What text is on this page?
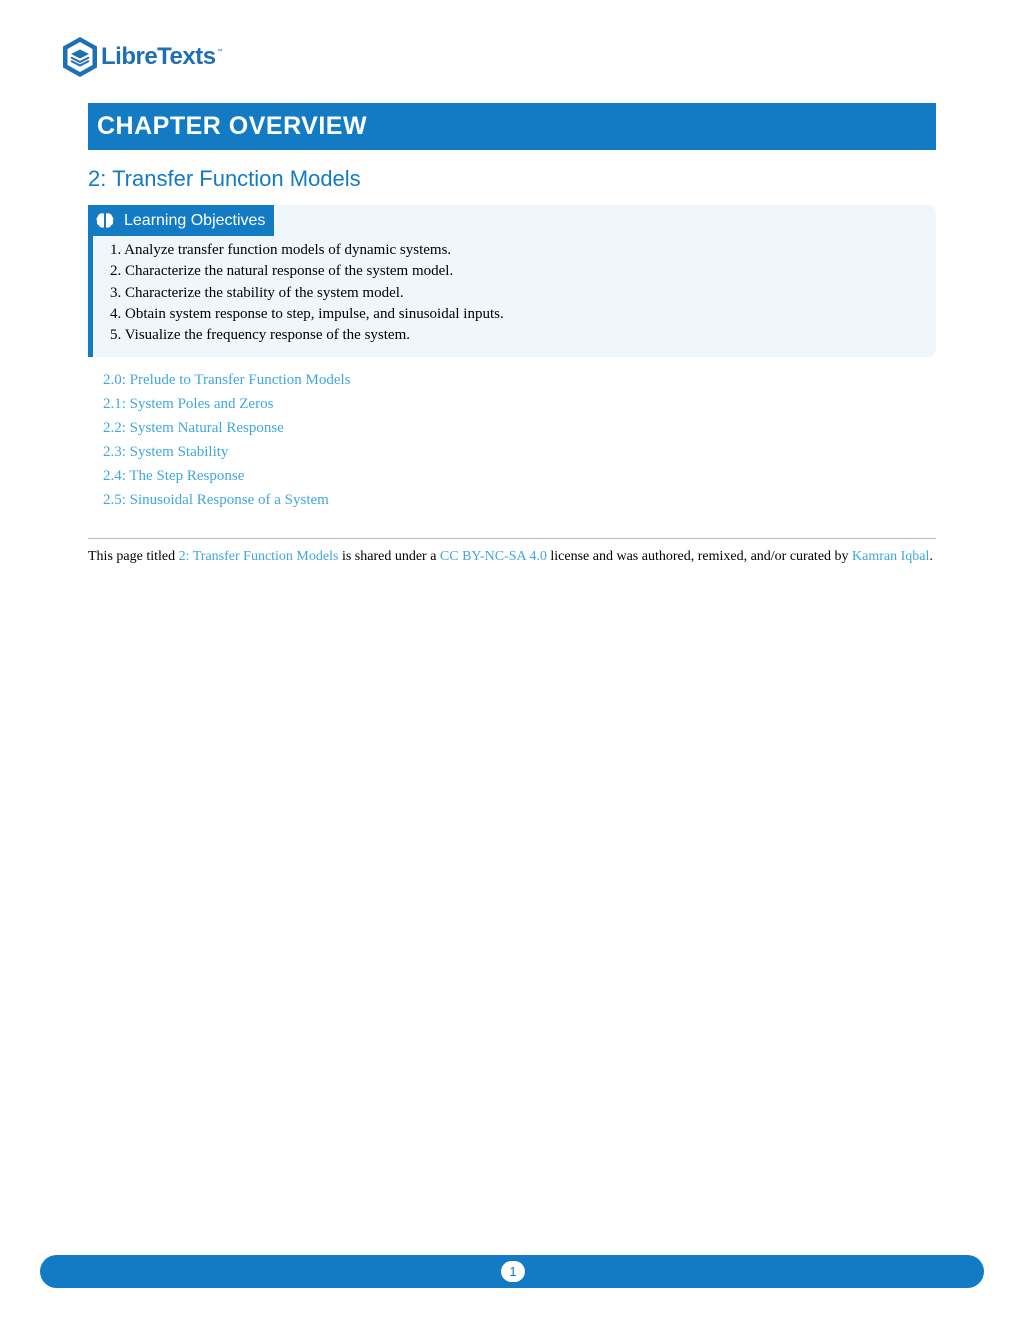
LibreTexts ™
CHAPTER OVERVIEW
2: Transfer Function Models
Learning Objectives
1. Analyze transfer function models of dynamic systems.
2. Characterize the natural response of the system model.
3. Characterize the stability of the system model.
4. Obtain system response to step, impulse, and sinusoidal inputs.
5. Visualize the frequency response of the system.
2.0: Prelude to Transfer Function Models
2.1: System Poles and Zeros
2.2: System Natural Response
2.3: System Stability
2.4: The Step Response
2.5: Sinusoidal Response of a System

This page titled 2: Transfer Function Models is shared under a CC BY-NC-SA 4.0 license and was authored, remixed, and/or curated by Kamran Iqbal.

1
